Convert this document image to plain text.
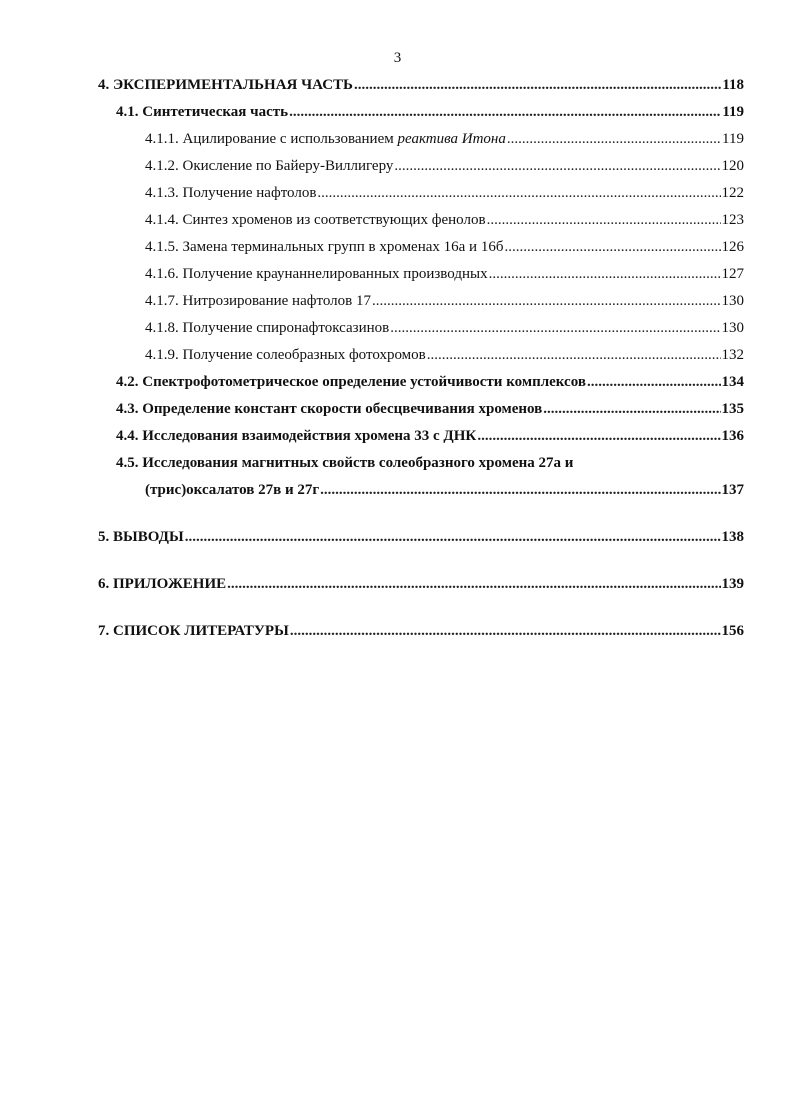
3
4. ЭКСПЕРИМЕНТАЛЬНАЯ ЧАСТЬ .....	118
4.1. Синтетическая часть .....	119
4.1.1. Ацилирование с использованием реактива Итона .....	119
4.1.2. Окисление по Байеру-Виллигеру .....	120
4.1.3. Получение нафтолов .....	122
4.1.4. Синтез хроменов из соответствующих фенолов .....	123
4.1.5. Замена терминальных групп в хроменах 16а и 16б .....	126
4.1.6. Получение краунаннелированных производных .....	127
4.1.7. Нитрозирование нафтолов 17 .....	130
4.1.8. Получение спиронафтоксазинов .....	130
4.1.9. Получение солеобразных фотохромов .....	132
4.2. Спектрофотометрическое определение устойчивости комплексов .....	134
4.3. Определение констант скорости обесцвечивания хроменов .....	135
4.4. Исследования взаимодействия хромена 33 с ДНК .....	136
4.5. Исследования магнитных свойств солеобразного хромена 27а и
(трис)оксалатов 27в и 27г .....	137
5. ВЫВОДЫ .....	138
6. ПРИЛОЖЕНИЕ .....	139
7. СПИСОК ЛИТЕРАТУРЫ .....	156
